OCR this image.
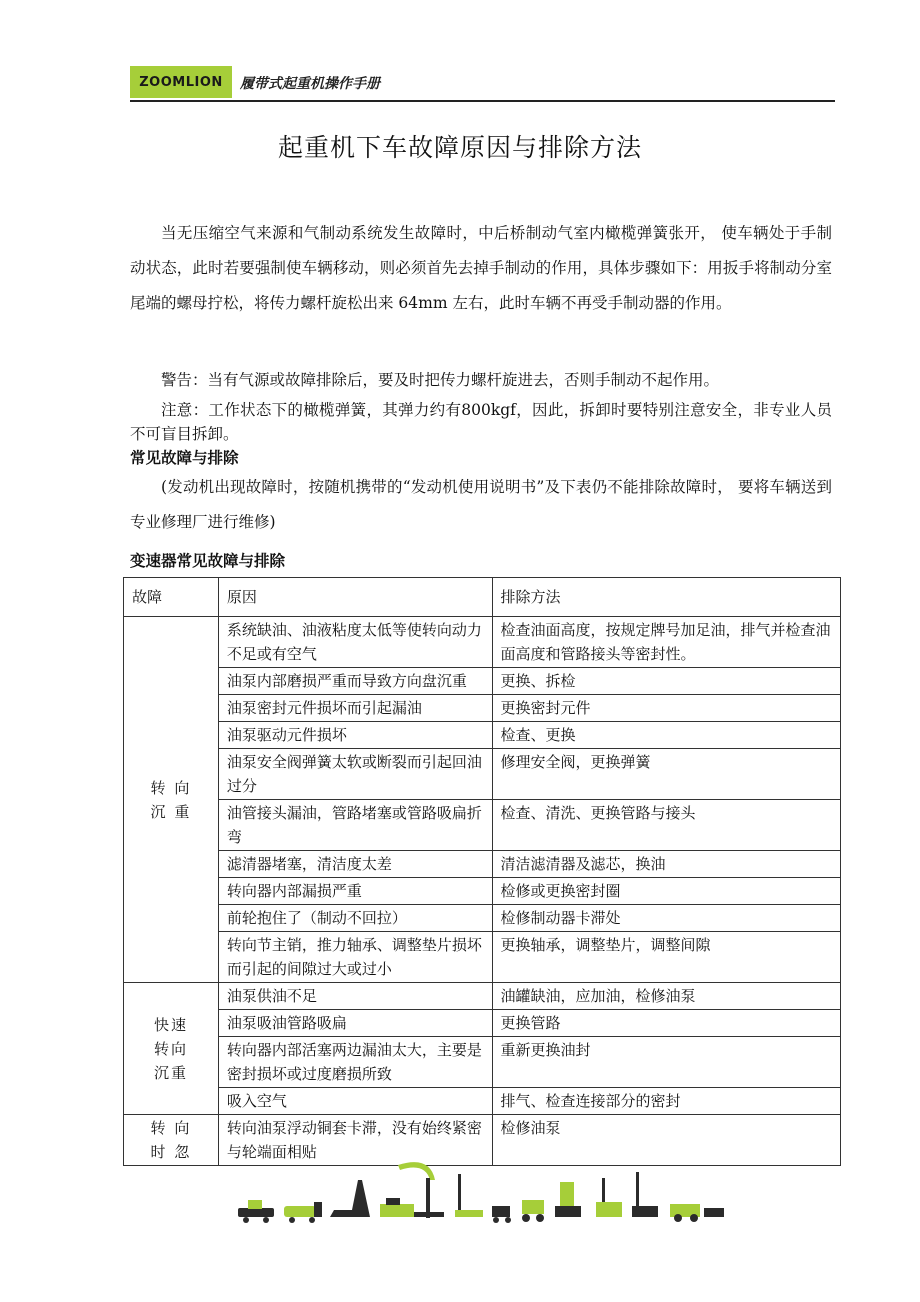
ZOOMLION 履带式起重机操作手册
起重机下车故障原因与排除方法
当无压缩空气来源和气制动系统发生故障时，中后桥制动气室内橄榄弹簧张开， 使车辆处于手制动状态，此时若要强制使车辆移动，则必须首先去掉手制动的作用，具体步骤如下：用扳手将制动分室尾端的螺母拧松，将传力螺杆旋松出来 64mm 左右，此时车辆不再受手制动器的作用。
警告：当有气源或故障排除后，要及时把传力螺杆旋进去，否则手制动不起作用。
注意：工作状态下的橄榄弹簧，其弹力约有800kgf，因此，拆卸时要特别注意安全，非专业人员不可盲目拆卸。
常见故障与排除
(发动机出现故障时，按随机携带的“发动机使用说明书”及下表仍不能排除故障时， 要将车辆送到专业修理厂进行维修)
变速器常见故障与排除
故障	原因	排除方法
转 向
沉 重	系统缺油、油液粘度太低等使转向动力不足或有空气	检查油面高度，按规定牌号加足油，排气并检查油面高度和管路接头等密封性。
	油泵内部磨损严重而导致方向盘沉重	更换、拆检
	油泵密封元件损坏而引起漏油	更换密封元件
	油泵驱动元件损坏	检查、更换
	油泵安全阀弹簧太软或断裂而引起回油过分	修理安全阀，更换弹簧
	油管接头漏油，管路堵塞或管路吸扁折弯	检查、清洗、更换管路与接头
	滤清器堵塞，清洁度太差	清洁滤清器及滤芯，换油
	转向器内部漏损严重	检修或更换密封圈
	前轮抱住了（制动不回拉）	检修制动器卡滞处
	转向节主销，推力轴承、调整垫片损坏而引起的间隙过大或过小	更换轴承，调整垫片，调整间隙
快速
转向
沉重	油泵供油不足	油罐缺油，应加油，检修油泵
	油泵吸油管路吸扁	更换管路
	转向器内部活塞两边漏油太大，主要是密封损坏或过度磨损所致	重新更换油封
	吸入空气	排气、检查连接部分的密封
转 向
时 忽	转向油泵浮动铜套卡滞，没有始终紧密与轮端面相贴	检修油泵
